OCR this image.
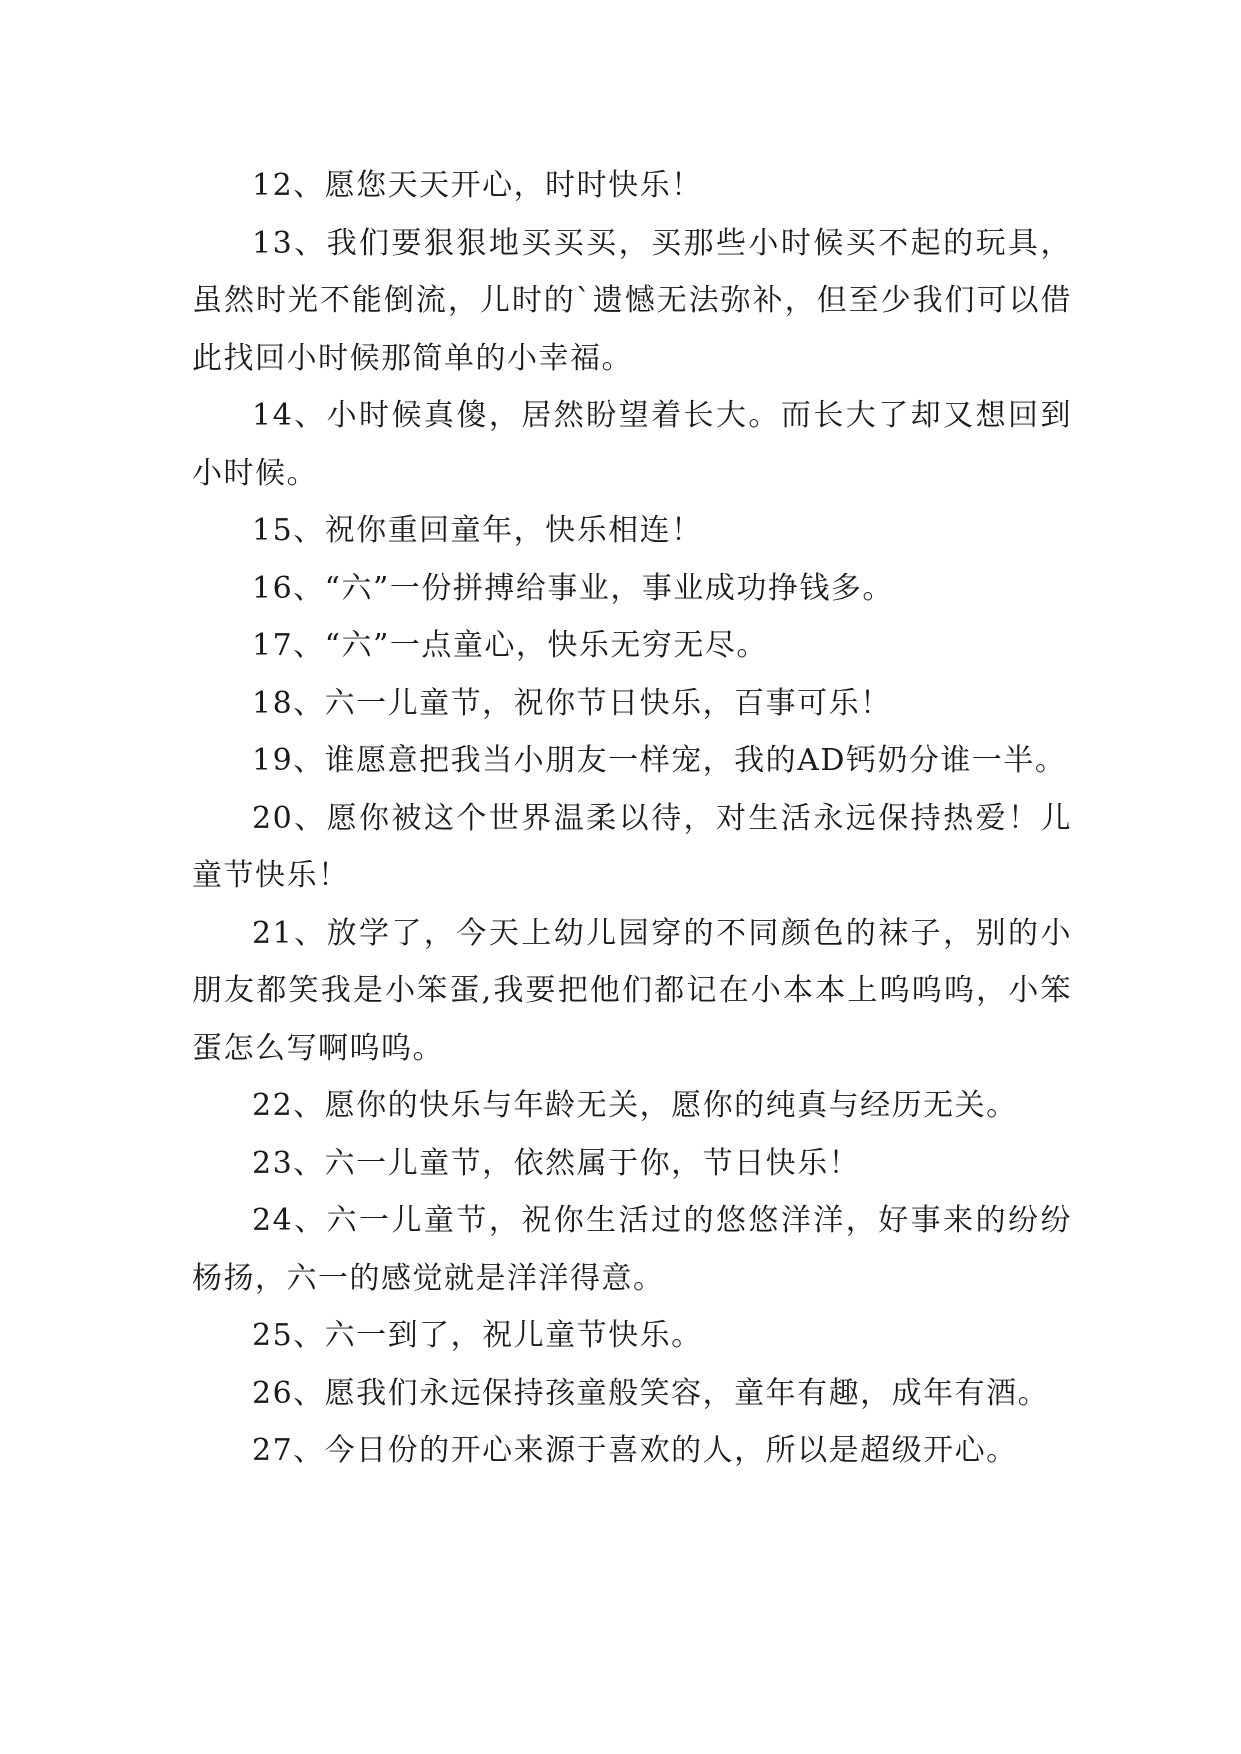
12、愿您天天开心，时时快乐！

13、我们要狠狠地买买买，买那些小时候买不起的玩具，虽然时光不能倒流，儿时的`遗憾无法弥补，但至少我们可以借此找回小时候那简单的小幸福。

14、小时候真傻，居然盼望着长大。而长大了却又想回到小时候。

15、祝你重回童年，快乐相连！

16、“六”一份拼搏给事业，事业成功挣钱多。

17、“六”一点童心，快乐无穷无尽。

18、六一儿童节，祝你节日快乐，百事可乐！

19、谁愿意把我当小朋友一样宠，我的AD钙奶分谁一半。

20、愿你被这个世界温柔以待，对生活永远保持热爱！儿童节快乐！

21、放学了，今天上幼儿园穿的不同颜色的袜子，别的小朋友都笑我是小笨蛋,我要把他们都记在小本本上呜呜呜，小笨蛋怎么写啊呜呜。

22、愿你的快乐与年龄无关，愿你的纯真与经历无关。

23、六一儿童节，依然属于你，节日快乐！

24、六一儿童节，祝你生活过的悠悠洋洋，好事来的纷纷杨扬，六一的感觉就是洋洋得意。

25、六一到了，祝儿童节快乐。

26、愿我们永远保持孩童般笑容，童年有趣，成年有酒。

27、今日份的开心来源于喜欢的人，所以是超级开心。
